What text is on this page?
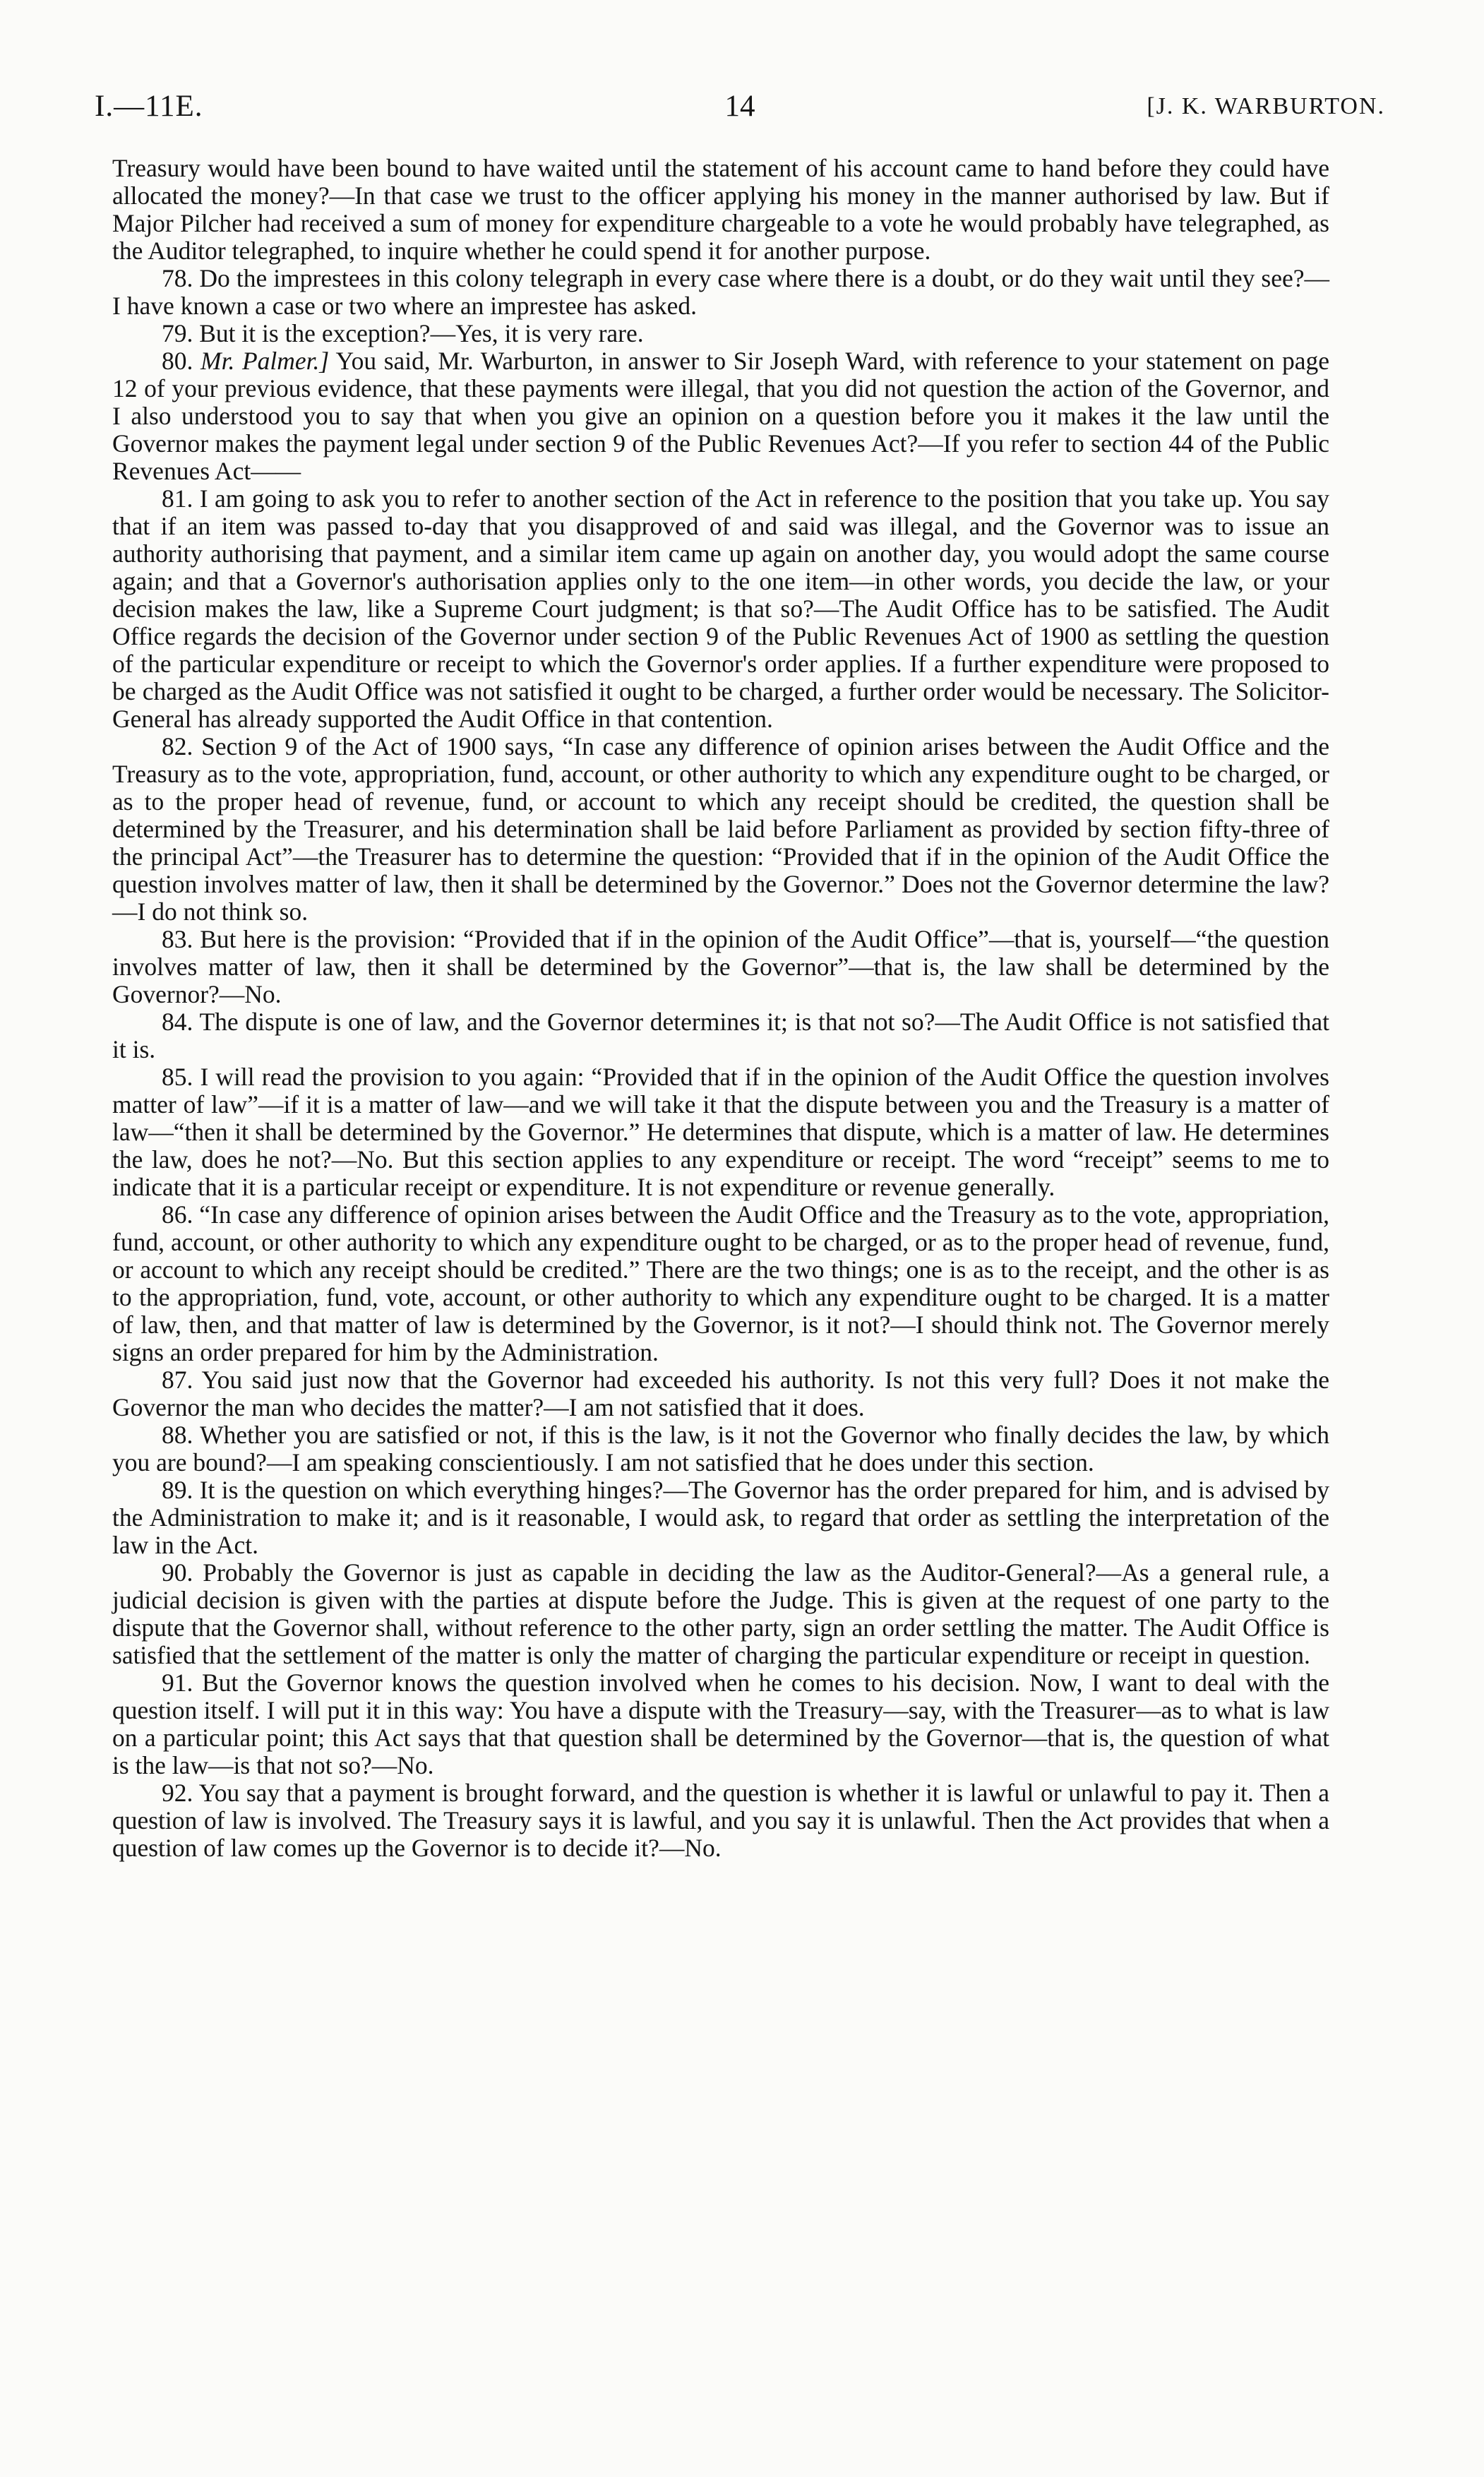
14
I.—11E.	[J. K. WARBURTON.

Treasury would have been bound to have waited until the statement of his account came to hand before they could have allocated the money?—In that case we trust to the officer applying his money in the manner authorised by law. But if Major Pilcher had received a sum of money for expenditure chargeable to a vote he would probably have telegraphed, as the Auditor telegraphed, to inquire whether he could spend it for another purpose.

78. Do the imprestees in this colony telegraph in every case where there is a doubt, or do they wait until they see?—I have known a case or two where an imprestee has asked.

79. But it is the exception?—Yes, it is very rare.

80. Mr. Palmer.] You said, Mr. Warburton, in answer to Sir Joseph Ward, with reference to your statement on page 12 of your previous evidence, that these payments were illegal, that you did not question the action of the Governor, and I also understood you to say that when you give an opinion on a question before you it makes it the law until the Governor makes the payment legal under section 9 of the Public Revenues Act?—If you refer to section 44 of the Public Revenues Act——

81. I am going to ask you to refer to another section of the Act in reference to the position that you take up. You say that if an item was passed to-day that you disapproved of and said was illegal, and the Governor was to issue an authority authorising that payment, and a similar item came up again on another day, you would adopt the same course again; and that a Governor's authorisation applies only to the one item—in other words, you decide the law, or your decision makes the law, like a Supreme Court judgment; is that so?—The Audit Office has to be satisfied. The Audit Office regards the decision of the Governor under section 9 of the Public Revenues Act of 1900 as settling the question of the particular expenditure or receipt to which the Governor's order applies. If a further expenditure were proposed to be charged as the Audit Office was not satisfied it ought to be charged, a further order would be necessary. The Solicitor-General has already supported the Audit Office in that contention.

82. Section 9 of the Act of 1900 says, “In case any difference of opinion arises between the Audit Office and the Treasury as to the vote, appropriation, fund, account, or other authority to which any expenditure ought to be charged, or as to the proper head of revenue, fund, or account to which any receipt should be credited, the question shall be determined by the Treasurer, and his determination shall be laid before Parliament as provided by section fifty-three of the principal Act”—the Treasurer has to determine the question: “Provided that if in the opinion of the Audit Office the question involves matter of law, then it shall be determined by the Governor.” Does not the Governor determine the law?—I do not think so.

83. But here is the provision: “Provided that if in the opinion of the Audit Office”—that is, yourself—“the question involves matter of law, then it shall be determined by the Governor”—that is, the law shall be determined by the Governor?—No.

84. The dispute is one of law, and the Governor determines it; is that not so?—The Audit Office is not satisfied that it is.

85. I will read the provision to you again: “Provided that if in the opinion of the Audit Office the question involves matter of law”—if it is a matter of law—and we will take it that the dispute between you and the Treasury is a matter of law—“then it shall be determined by the Governor.” He determines that dispute, which is a matter of law. He determines the law, does he not?—No. But this section applies to any expenditure or receipt. The word “receipt” seems to me to indicate that it is a particular receipt or expenditure. It is not expenditure or revenue generally.

86. “In case any difference of opinion arises between the Audit Office and the Treasury as to the vote, appropriation, fund, account, or other authority to which any expenditure ought to be charged, or as to the proper head of revenue, fund, or account to which any receipt should be credited.” There are the two things; one is as to the receipt, and the other is as to the appropriation, fund, vote, account, or other authority to which any expenditure ought to be charged. It is a matter of law, then, and that matter of law is determined by the Governor, is it not?—I should think not. The Governor merely signs an order prepared for him by the Administration.

87. You said just now that the Governor had exceeded his authority. Is not this very full? Does it not make the Governor the man who decides the matter?—I am not satisfied that it does.

88. Whether you are satisfied or not, if this is the law, is it not the Governor who finally decides the law, by which you are bound?—I am speaking conscientiously. I am not satisfied that he does under this section.

89. It is the question on which everything hinges?—The Governor has the order prepared for him, and is advised by the Administration to make it; and is it reasonable, I would ask, to regard that order as settling the interpretation of the law in the Act.

90. Probably the Governor is just as capable in deciding the law as the Auditor-General?—As a general rule, a judicial decision is given with the parties at dispute before the Judge. This is given at the request of one party to the dispute that the Governor shall, without reference to the other party, sign an order settling the matter. The Audit Office is satisfied that the settlement of the matter is only the matter of charging the particular expenditure or receipt in question.

91. But the Governor knows the question involved when he comes to his decision. Now, I want to deal with the question itself. I will put it in this way: You have a dispute with the Treasury—say, with the Treasurer—as to what is law on a particular point; this Act says that that question shall be determined by the Governor—that is, the question of what is the law—is that not so?—No.

92. You say that a payment is brought forward, and the question is whether it is lawful or unlawful to pay it. Then a question of law is involved. The Treasury says it is lawful, and you say it is unlawful. Then the Act provides that when a question of law comes up the Governor is to decide it?—No.
